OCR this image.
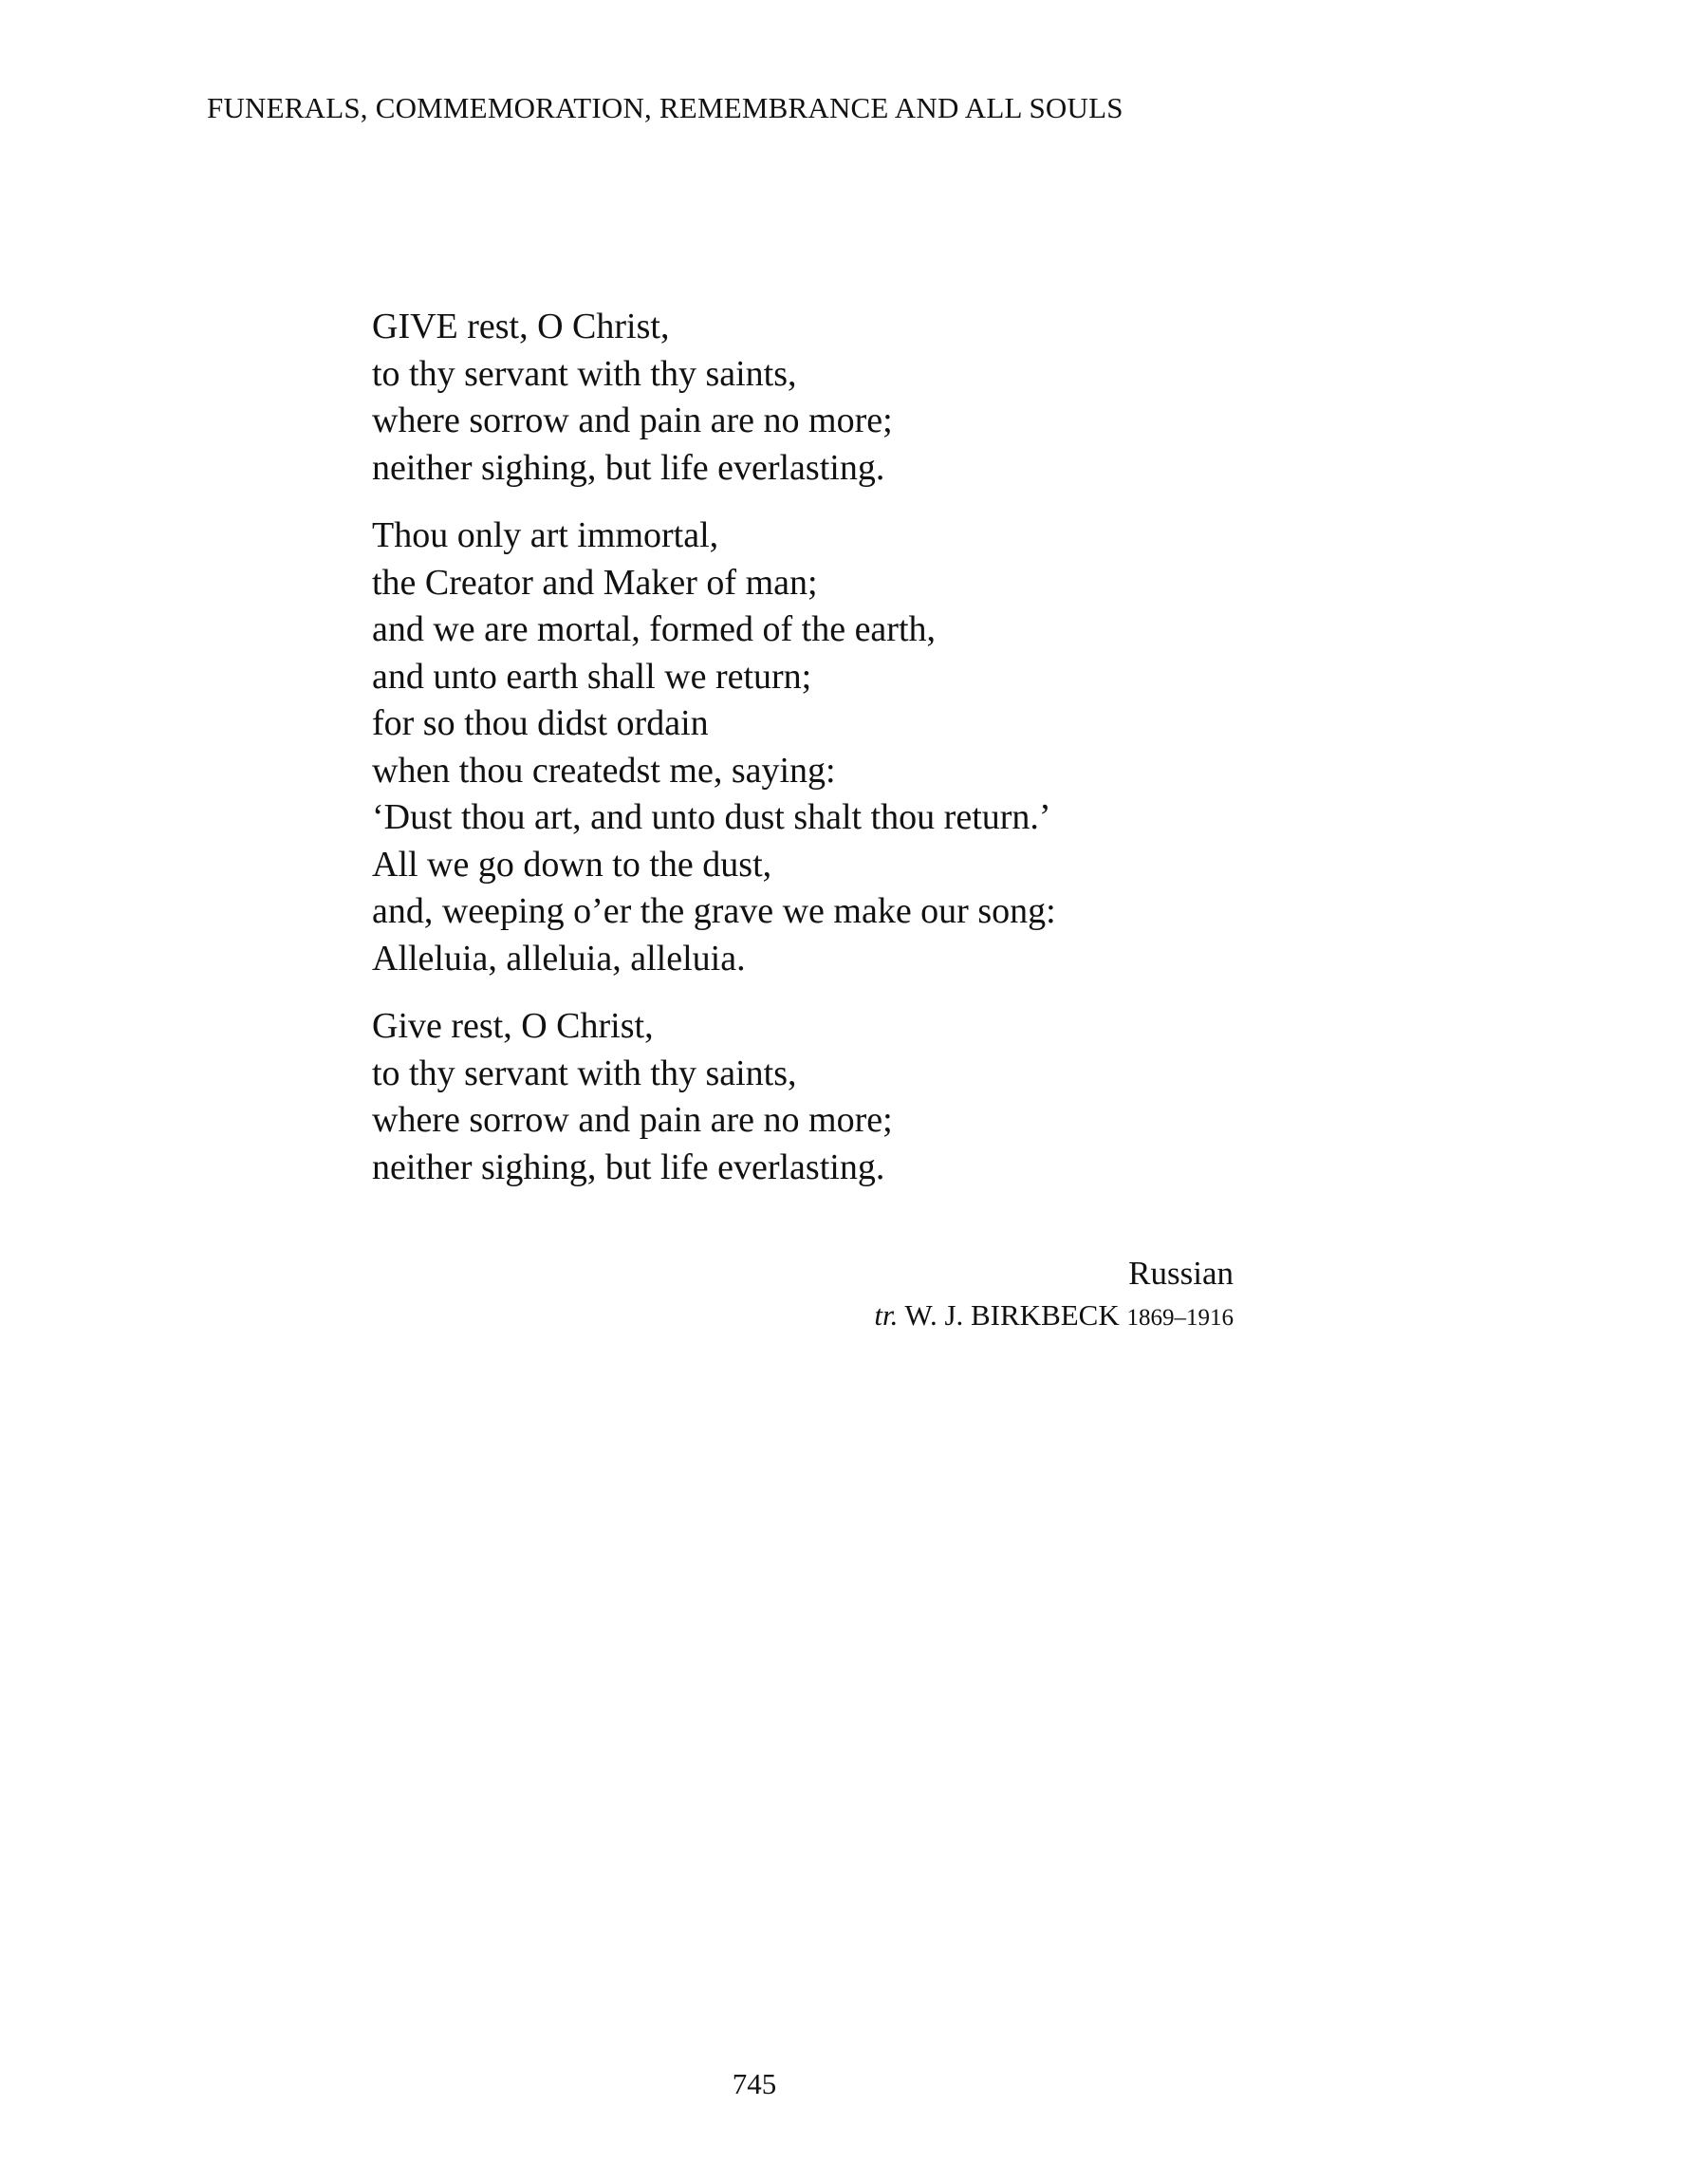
FUNERALS, COMMEMORATION, REMEMBRANCE AND ALL SOULS
GIVE rest, O Christ,
to thy servant with thy saints,
where sorrow and pain are no more;
neither sighing, but life everlasting.
Thou only art immortal,
the Creator and Maker of man;
and we are mortal, formed of the earth,
and unto earth shall we return;
for so thou didst ordain
when thou createdst me, saying:
‘Dust thou art, and unto dust shalt thou return.’
All we go down to the dust,
and, weeping o’er the grave we make our song:
Alleluia, alleluia, alleluia.
Give rest, O Christ,
to thy servant with thy saints,
where sorrow and pain are no more;
neither sighing, but life everlasting.
Russian
tr. W. J. BIRKBECK 1869–1916
745
